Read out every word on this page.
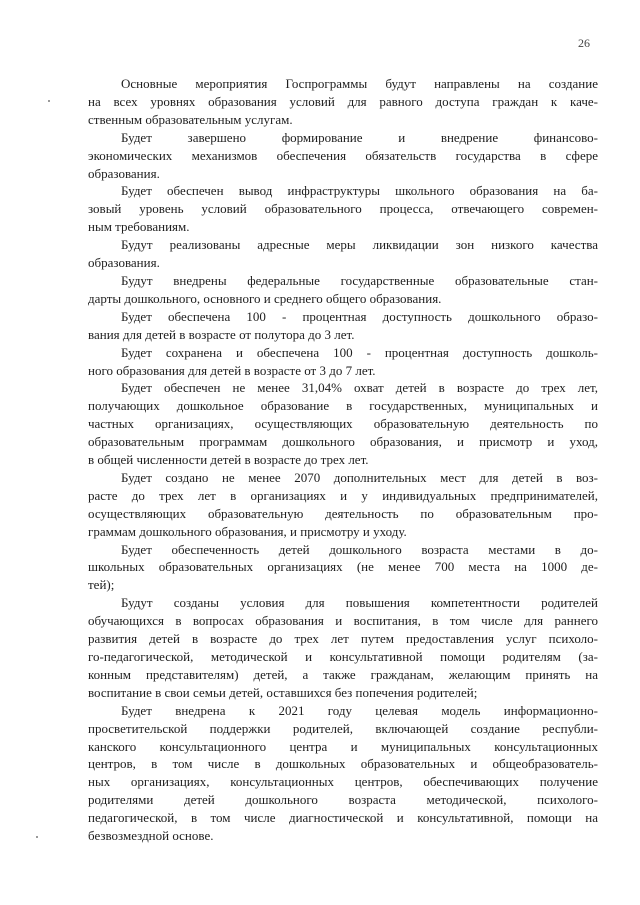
26

Основные мероприятия Госпрограммы будут направлены на создание
на всех уровнях образования условий для равного доступа граждан к каче-
ственным образовательным услугам.

Будет завершено формирование и внедрение финансово-
экономических механизмов обеспечения обязательств государства в сфере
образования.

Будет обеспечен вывод инфраструктуры школьного образования на ба-
зовый уровень условий образовательного процесса, отвечающего современ-
ным требованиям.

Будут реализованы адресные меры ликвидации зон низкого качества
образования.

Будут внедрены федеральные государственные образовательные стан-
дарты дошкольного, основного и среднего общего образования.

Будет обеспечена 100 - процентная доступность дошкольного образо-
вания для детей в возрасте от полутора до 3 лет.

Будет сохранена и обеспечена 100 - процентная доступность дошколь-
ного образования для детей в возрасте от 3 до 7 лет.

Будет обеспечен не менее 31,04% охват детей в возрасте до трех лет,
получающих дошкольное образование в государственных, муниципальных и
частных организациях, осуществляющих образовательную деятельность по
образовательным программам дошкольного образования, и присмотр и уход,
в общей численности детей в возрасте до трех лет.

Будет создано не менее 2070 дополнительных мест для детей в воз-
расте до трех лет в организациях и у индивидуальных предпринимателей,
осуществляющих образовательную деятельность по образовательным про-
граммам дошкольного образования, и присмотру и уходу.

Будет обеспеченность детей дошкольного возраста местами в до-
школьных образовательных организациях (не менее 700 места на 1000 де-
тей);

Будут созданы условия для повышения компетентности родителей
обучающихся в вопросах образования и воспитания, в том числе для раннего
развития детей в возрасте до трех лет путем предоставления услуг психоло-
го-педагогической, методической и консультативной помощи родителям (за-
конным представителям) детей, а также гражданам, желающим принять на
воспитание в свои семьи детей, оставшихся без попечения родителей;

Будет внедрена к 2021 году целевая модель информационно-
просветительской поддержки родителей, включающей создание республи-
канского консультационного центра и муниципальных консультационных
центров, в том числе в дошкольных образовательных и общеобразователь-
ных организациях, консультационных центров, обеспечивающих получение
родителями детей дошкольного возраста методической, психолого-
педагогической, в том числе диагностической и консультативной, помощи на
безвозмездной основе.
